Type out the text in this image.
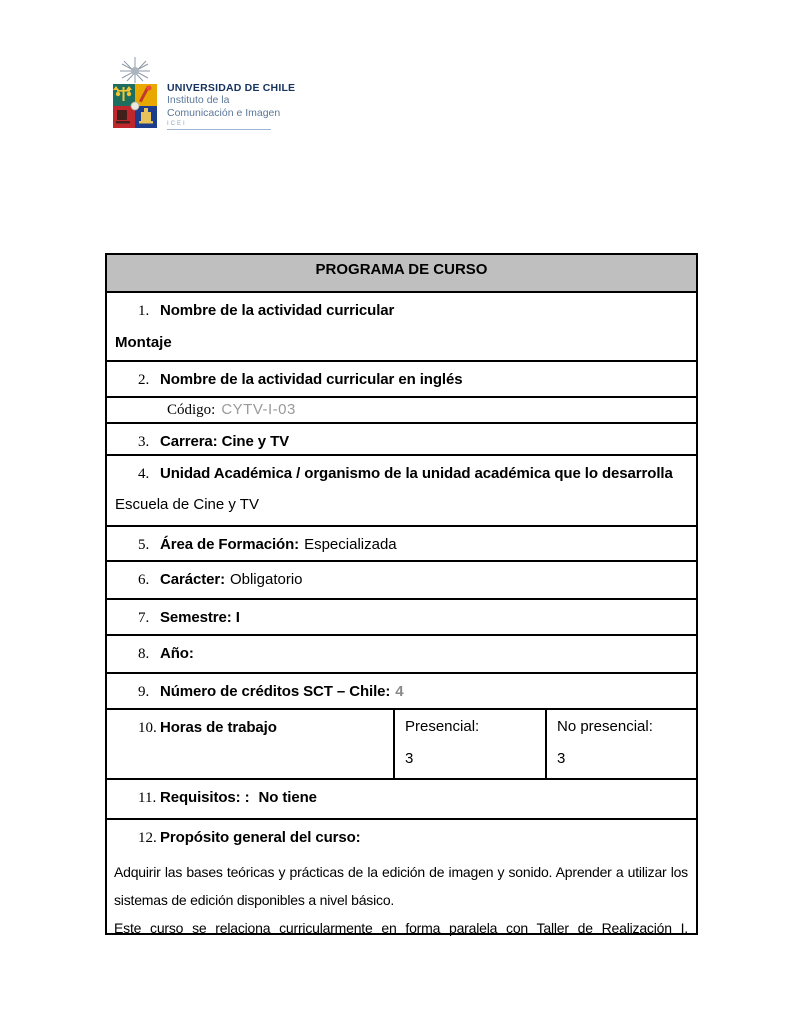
UNIVERSIDAD DE CHILE
Instituto de la
Comunicación e Imagen
ICEI
PROGRAMA DE CURSO
1. Nombre de la actividad curricular
Montaje
2. Nombre de la actividad curricular en inglés
Código: CYTV-I-03
3. Carrera: Cine y TV
4. Unidad Académica / organismo de la unidad académica que lo desarrolla
Escuela de Cine y TV
5. Área de Formación: Especializada
6. Carácter: Obligatorio
7. Semestre: I
8. Año:
9. Número de créditos SCT – Chile: 4
10. Horas de trabajo	Presencial:
3
No presencial:
3
11. Requisitos: : No tiene
12. Propósito general del curso:
Adquirir las bases teóricas y prácticas de la edición de imagen y sonido. Aprender a utilizar los sistemas de edición disponibles a nivel básico.
Este curso se relaciona curricularmente en forma paralela con Taller de Realización I,
